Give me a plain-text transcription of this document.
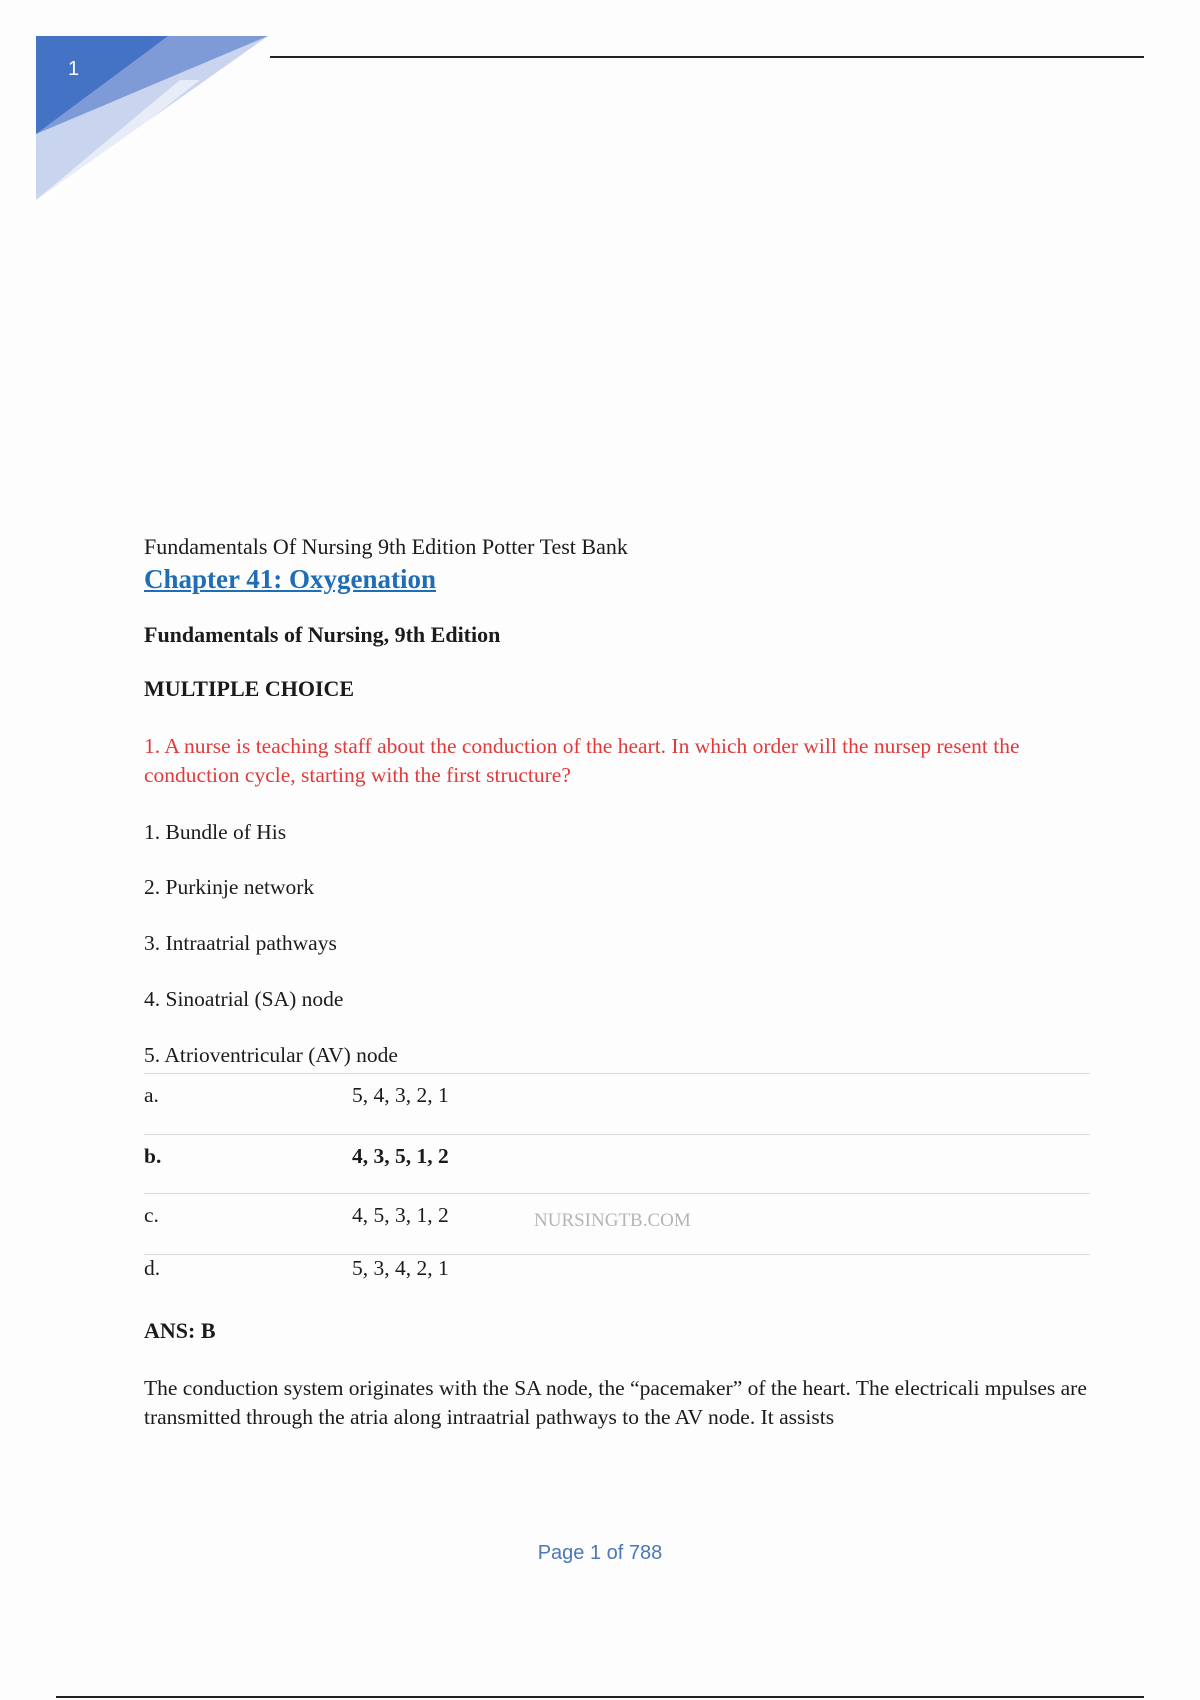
1
Fundamentals Of Nursing 9th Edition Potter Test Bank
Chapter 41: Oxygenation
Fundamentals of Nursing, 9th Edition
MULTIPLE CHOICE
1. A nurse is teaching staff about the conduction of the heart. In which order will the nursep resent the conduction cycle, starting with the first structure?
1. Bundle of His
2. Purkinje network
3. Intraatrial pathways
4. Sinoatrial (SA) node
5. Atrioventricular (AV) node
a.	5, 4, 3, 2, 1
b.	4, 3, 5, 1, 2
c.	4, 5, 3, 1, 2	NURSINGTB.COM
d.	5, 3, 4, 2, 1
ANS: B
The conduction system originates with the SA node, the “pacemaker” of the heart. The electricali mpulses are transmitted through the atria along intraatrial pathways to the AV node. It assists
Page 1 of 788
